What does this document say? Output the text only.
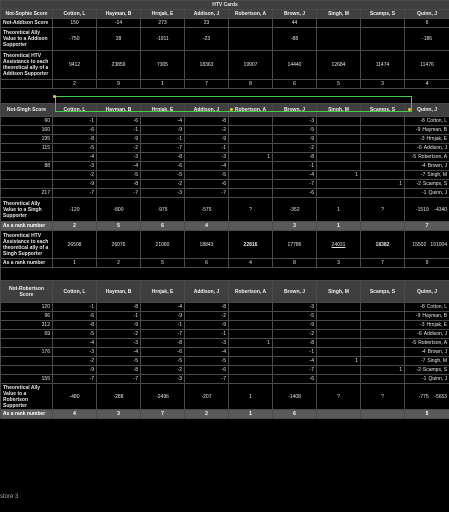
HTV Cards									
Not-Sophie Score	Cotton, L	Hayman, B	Hrnjak, E	Addison, J	Robertson, A	Brown, J	Singh, M	Scamps, S	Quinn, J
Not-Addison Score	150	-14	273	23		44			6
Theoretical Ally Value to a Addison Supporter	-750	28	-1911	-23		-88			-186
Theoretical HTV Assistance to each theoretical ally of a Addison Supporter	9412	23859	7305	18363	19907	14440	12684	11474	11476
	2	9	1	7	8	6	5	3	4

Not-Singh Score	Cotton, L	Hayman, B	Hrnjak, E	Addison, J	Robertson, A	Brown, J	Singh, M	Scamps, S	Quinn, J
60	-1	-6	-4	-8		-3			-8 Cotton, L
160	-6	-1	-9	-2		-5			-9 Hayman, B
195	-8	-9	-1	-9		-9			-3 Hrnjak, E
115	-5	-2	-7	-1		-2			-6 Addison, J
	-4	-3	-8	-3	1	-8			-5 Robertson, A
88	-3	-4	-6	-4		-1			-4 Brown, J
	-2	-5	-5	-5		-4	1		-7 Singh, M
	-9	-8	-2	-6		-7		1	-2 Scamps, S
217	-7	-7	-3	-7		-6			-1 Quinn, J
Theoretical Ally Value to a Singh Supporter	-120	-800	-975	-575	?	-352	1	?	-1519 -4340
As a rank number	2	5	6	4		3	1		7
Theoretical HTV Assistance to each theoretical ally of a Singh Supporter	26508	26076	21060	18843	22816	17786	24031	18382	15502 191004
As a rank number	1	2	5	6	4	8	3	7	9

Not-Robertson Score	Cotton, L	Hayman, B	Hrnjak, E	Addison, J	Robertson, A	Brown, J	Singh, M	Scamps, S	Quinn, J
120	-1	-8	-4	-8		-3			-8 Cotton, L
96	-6	-1	-9	-2		-5			-9 Hayman, B
312	-8	-9	-1	-9		-9			-3 Hrnjak, E
69	-5	-2	-7	-1		-2			-6 Addison, J
	-4	-3	-8	-3	1	-8			-5 Robertson, A
176	-3	-4	-6	-4		-1			-4 Brown, J
	-2	-5	-5	-5		-4	1		-7 Singh, M
	-9	-8	-2	-6		-7		1	-2 Scamps, S
155	-7	-7	-3	-7		-6			-1 Quinn, J
Theoretical Ally Value to a Robertson Supporter	-480	-288	-2496	-207	1	-1408	?	?	-775 -5653
As a rank number	4	3	7	2	1	6			5
store 3
